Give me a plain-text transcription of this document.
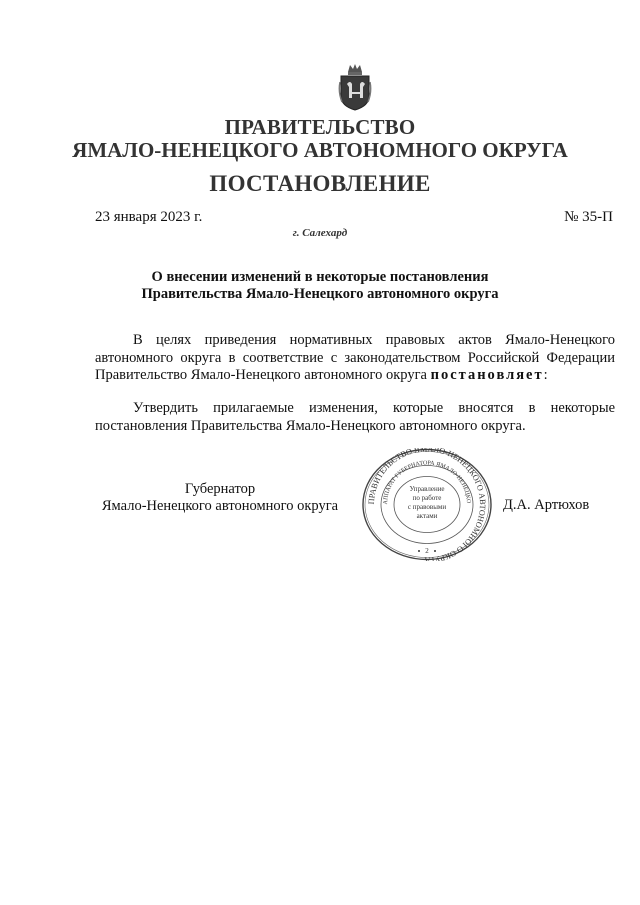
ПРАВИТЕЛЬСТВО
ЯМАЛО-НЕНЕЦКОГО АВТОНОМНОГО ОКРУГА
ПОСТАНОВЛЕНИЕ
23 января 2023 г.	№ 35-П
г. Салехард
О внесении изменений в некоторые постановления
Правительства Ямало-Ненецкого автономного округа
В целях приведения нормативных правовых актов Ямало-Ненецкого автономного округа в соответствие с законодательством Российской Федерации Правительство Ямало-Ненецкого автономного округа постановляет:
Утвердить прилагаемые изменения, которые вносятся в некоторые постановления Правительства Ямало-Ненецкого автономного округа.
Губернатор
Ямало-Ненецкого автономного округа	Д.А. Артюхов
ПРАВИТЕЛЬСТВО ЯМАЛО-НЕНЕЦКОГО АВТОНОМНОГО ОКРУГА
АППАРАТ ГУБЕРНАТОРА ЯМАЛО-НЕНЕЦКО
Управление
по работе
с правовыми
актами
2
